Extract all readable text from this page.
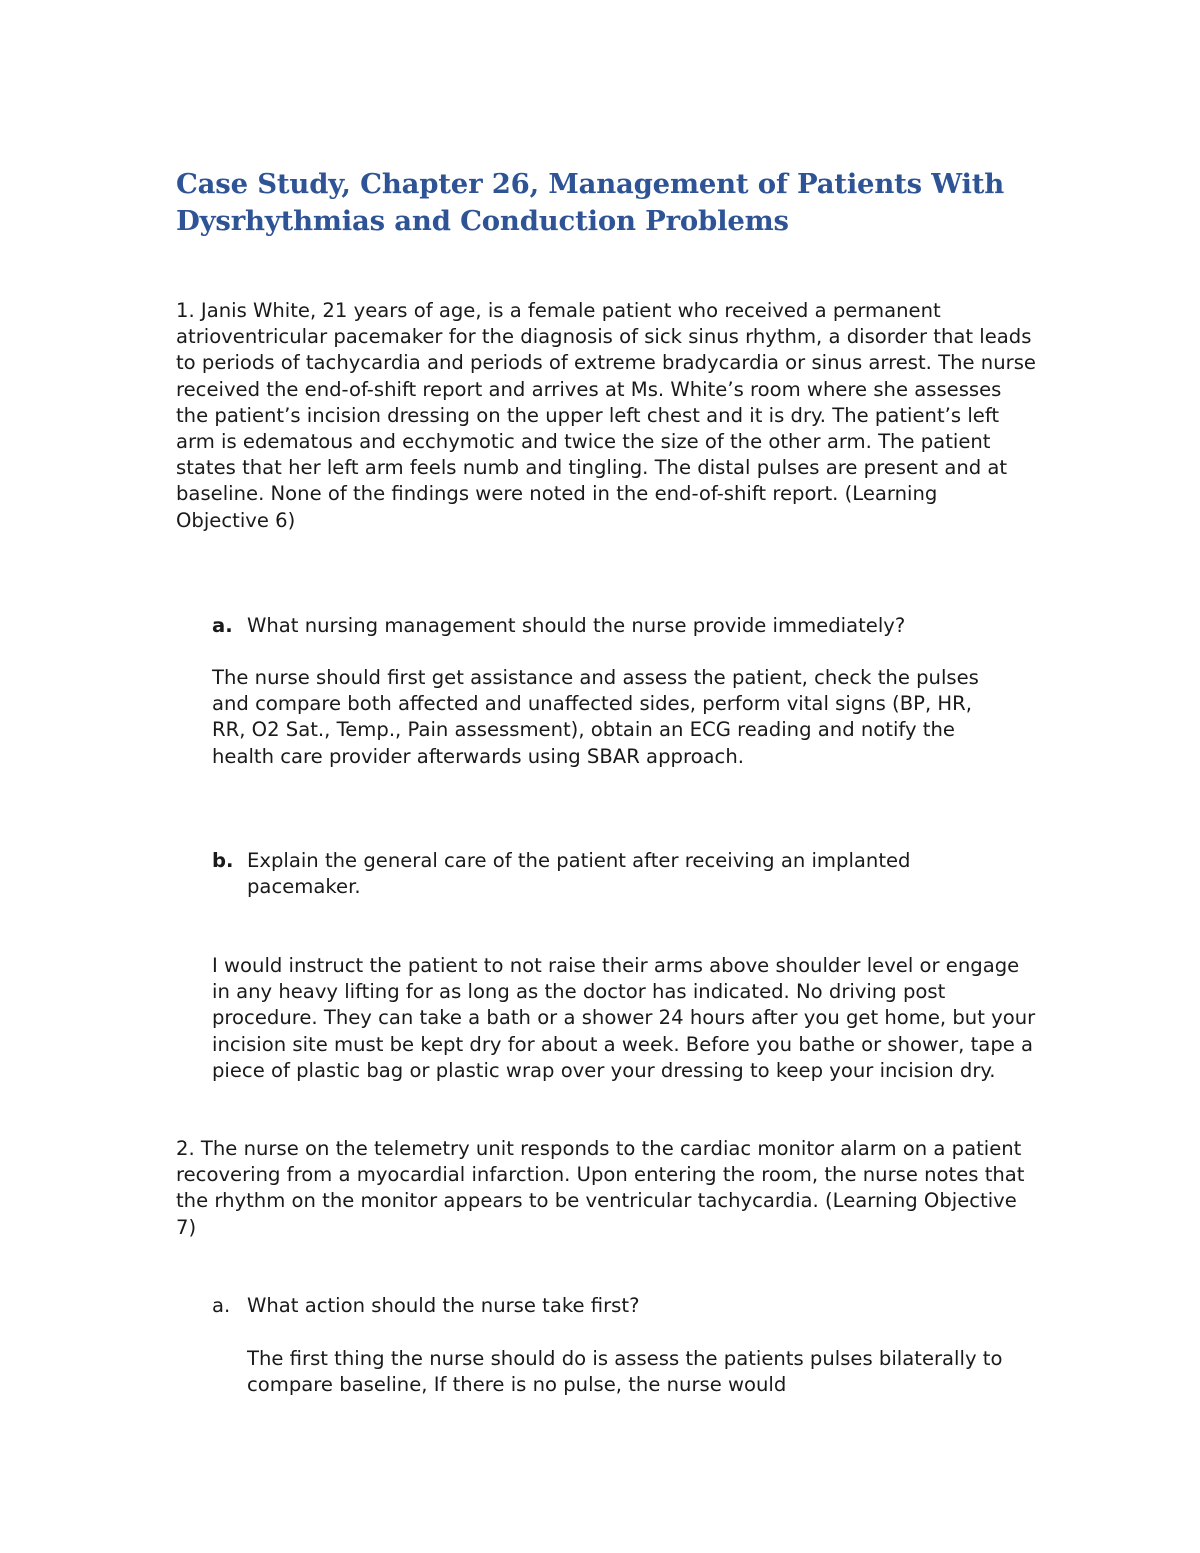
Case Study, Chapter 26, Management of Patients With Dysrhythmias and Conduction Problems

1. Janis White, 21 years of age, is a female patient who received a permanent atrioventricular pacemaker for the diagnosis of sick sinus rhythm, a disorder that leads to periods of tachycardia and periods of extreme bradycardia or sinus arrest. The nurse received the end-of-shift report and arrives at Ms. White’s room where she assesses the patient’s incision dressing on the upper left chest and it is dry. The patient’s left arm is edematous and ecchymotic and twice the size of the other arm. The patient states that her left arm feels numb and tingling. The distal pulses are present and at baseline. None of the findings were noted in the end-of-shift report. (Learning Objective 6)

a. What nursing management should the nurse provide immediately?

The nurse should first get assistance and assess the patient, check the pulses and compare both affected and unaffected sides, perform vital signs (BP, HR, RR, O2 Sat., Temp., Pain assessment), obtain an ECG reading and notify the health care provider afterwards using SBAR approach.

b. Explain the general care of the patient after receiving an implanted pacemaker.

I would instruct the patient to not raise their arms above shoulder level or engage in any heavy lifting for as long as the doctor has indicated. No driving post procedure. They can take a bath or a shower 24 hours after you get home, but your incision site must be kept dry for about a week. Before you bathe or shower, tape a piece of plastic bag or plastic wrap over your dressing to keep your incision dry.

2. The nurse on the telemetry unit responds to the cardiac monitor alarm on a patient recovering from a myocardial infarction. Upon entering the room, the nurse notes that the rhythm on the monitor appears to be ventricular tachycardia. (Learning Objective 7)

a. What action should the nurse take first?

The first thing the nurse should do is assess the patients pulses bilaterally to compare baseline, If there is no pulse, the nurse would
